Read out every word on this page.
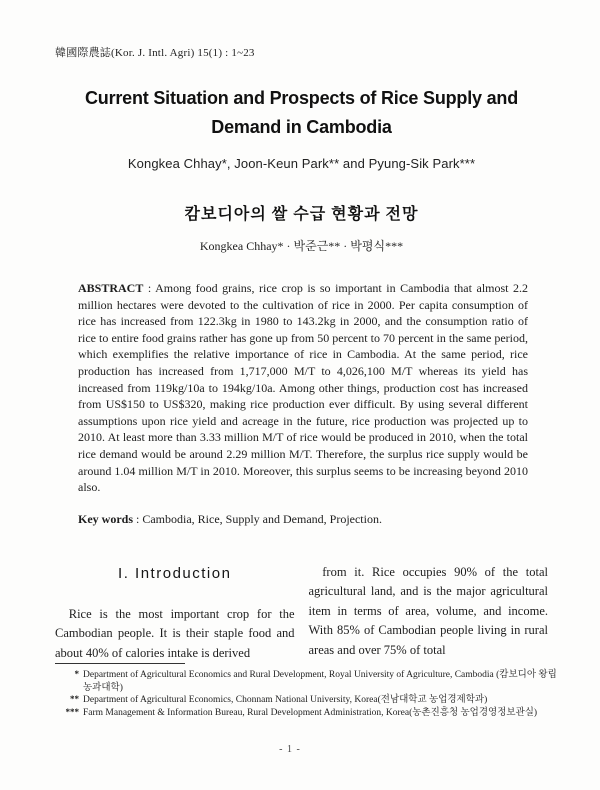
韓國際農誌(Kor. J. Intl. Agri) 15(1) : 1~23
Current Situation and Prospects of Rice Supply and
Demand in Cambodia
Kongkea Chhay*, Joon-Keun Park** and Pyung-Sik Park***
캄보디아의 쌀 수급 현황과 전망
Kongkea Chhay* · 박준근** · 박평식***
ABSTRACT : Among food grains, rice crop is so important in Cambodia that almost 2.2 million hectares were devoted to the cultivation of rice in 2000. Per capita consumption of rice has increased from 122.3kg in 1980 to 143.2kg in 2000, and the consumption ratio of rice to entire food grains rather has gone up from 50 percent to 70 percent in the same period, which exemplifies the relative importance of rice in Cambodia. At the same period, rice production has increased from 1,717,000 M/T to 4,026,100 M/T whereas its yield has increased from 119kg/10a to 194kg/10a. Among other things, production cost has increased from US$150 to US$320, making rice production ever difficult. By using several different assumptions upon rice yield and acreage in the future, rice production was projected up to 2010. At least more than 3.33 million M/T of rice would be produced in 2010, when the total rice demand would be around 2.29 million M/T. Therefore, the surplus rice supply would be around 1.04 million M/T in 2010. Moreover, this surplus seems to be increasing beyond 2010 also.
Key words : Cambodia, Rice, Supply and Demand, Projection.
I. Introduction
Rice is the most important crop for the Cambodian people. It is their staple food and about 40% of calories intake is derived
from it. Rice occupies 90% of the total agricultural land, and is the major agricultural item in terms of area, volume, and income. With 85% of Cambodian people living in rural areas and over 75% of total
* Department of Agricultural Economics and Rural Development, Royal University of Agriculture, Cambodia (캄보디아 왕립 농과대학)
** Department of Agricultural Economics, Chonnam National University, Korea(전남대학교 농업경제학과)
*** Farm Management & Information Bureau, Rural Development Administration, Korea(농촌진흥청 농업경영정보관실)
- 1 -
